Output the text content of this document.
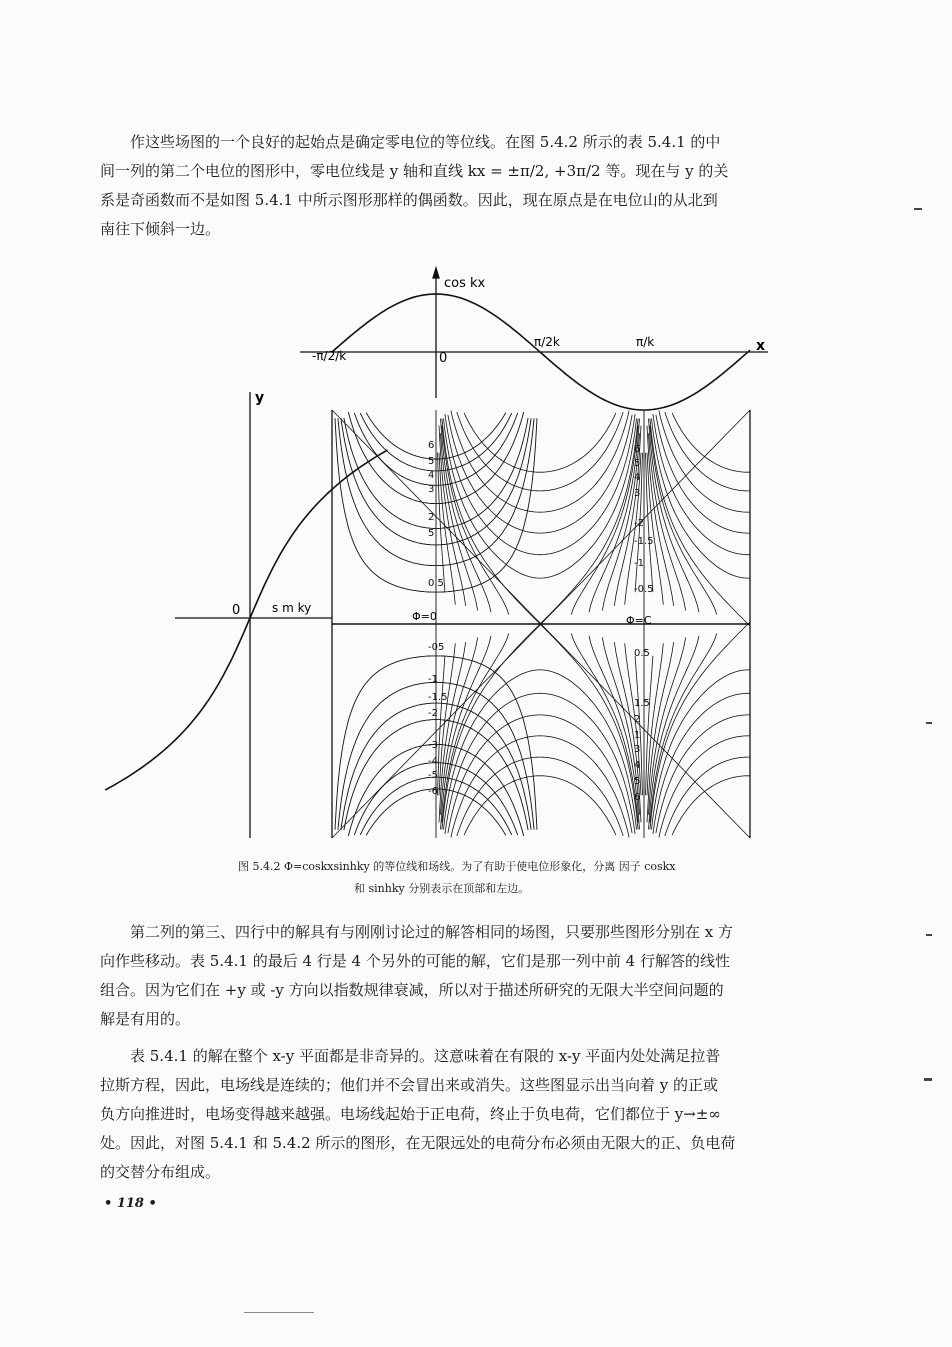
作这些场图的一个良好的起始点是确定零电位的等位线。在图 5.4.2 所示的表 5.4.1 的中
间一列的第二个电位的图形中，零电位线是 y 轴和直线 kx = ±π/2, +3π/2 等。现在与 y 的关
系是奇函数而不是如图 5.4.1 中所示图形那样的偶函数。因此，现在原点是在电位山的从北到
南往下倾斜一边。
cos kx
x
-π/2/k	0
π/2k	π/k
y
0	s m ky
Φ=0	Φ=C
6
5
4
3
2
5
0.5
-05
-1
-1.5
-2
-3
-4
-5
-6
6
5
4
3
-2
-1.5
-1
-0.5
0.5
1.5
2
1
3
4
5
6

图 5.4.2 Φ=coskxsinhky 的等位线和场线。为了有助于使电位形象化，分离 因子 coskx

和 sinhky 分别表示在顶部和左边。

第二列的第三、四行中的解具有与刚刚讨论过的解答相同的场图，只要那些图形分别在 x 方
向作些移动。表 5.4.1 的最后 4 行是 4 个另外的可能的解，它们是那一列中前 4 行解答的线性
组合。因为它们在 +y 或 -y 方向以指数规律衰减，所以对于描述所研究的无限大半空间问题的
解是有用的。
表 5.4.1 的解在整个 x-y 平面都是非奇异的。这意味着在有限的 x-y 平面内处处满足拉普
拉斯方程，因此，电场线是连续的；他们并不会冒出来或消失。这些图显示出当向着 y 的正或
负方向推进时，电场变得越来越强。电场线起始于正电荷，终止于负电荷，它们都位于 y→±∞
处。因此，对图 5.4.1 和 5.4.2 所示的图形，在无限远处的电荷分布必须由无限大的正、负电荷
的交替分布组成。
• 118 •
